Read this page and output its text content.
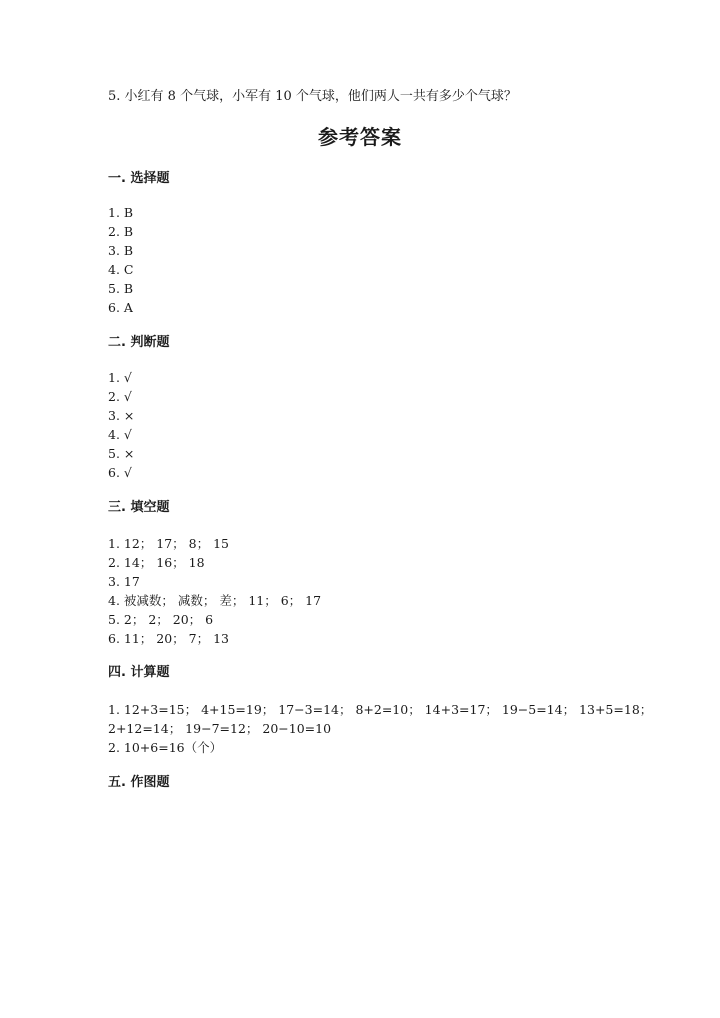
5. 小红有 8 个气球，小军有 10 个气球，他们两人一共有多少个气球？
参考答案
一. 选择题
1. B
2. B
3. B
4. C
5. B
6. A
二. 判断题
1. √
2. √
3. ×
4. √
5. ×
6. √
三. 填空题
1. 12； 17； 8； 15
2. 14； 16； 18
3. 17
4. 被减数； 减数； 差； 11； 6； 17
5. 2； 2； 20； 6
6. 11； 20； 7； 13
四. 计算题
1. 12+3=15； 4+15=19； 17−3=14； 8+2=10； 14+3=17； 19−5=14； 13+5=18；
2+12=14； 19−7=12； 20−10=10
2. 10+6=16（个）
五. 作图题
